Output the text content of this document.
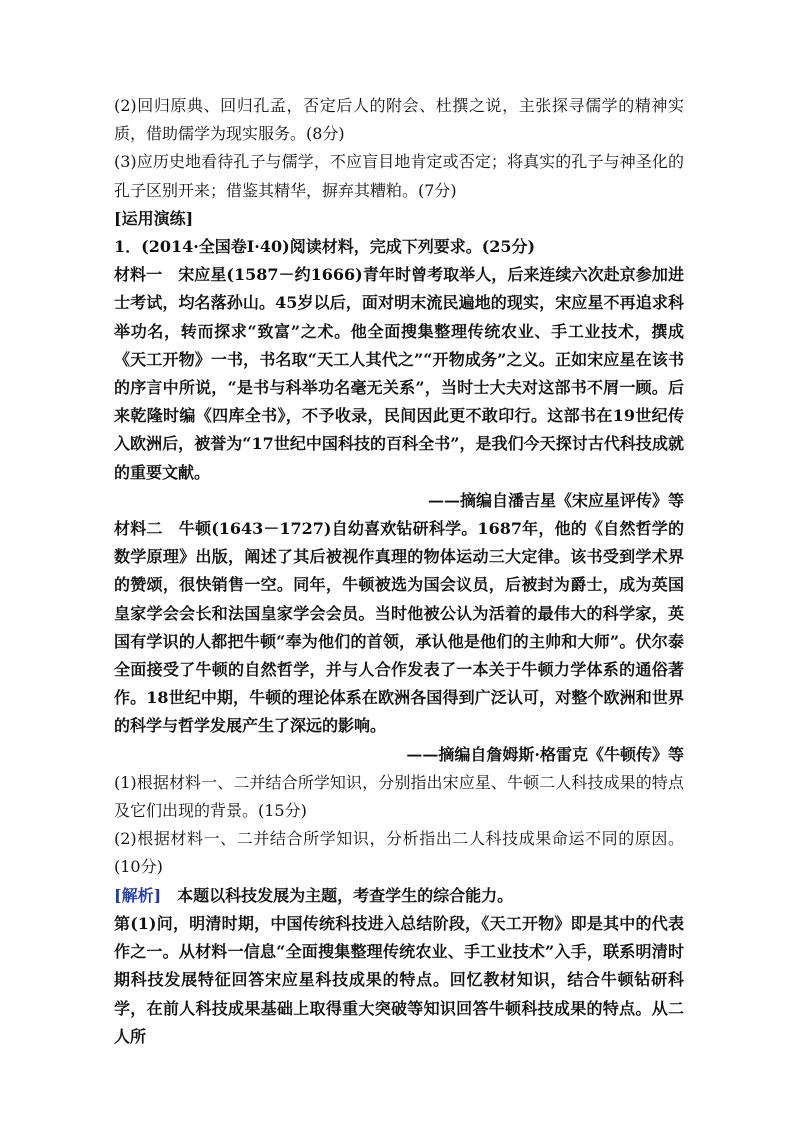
(2)回归原典、回归孔孟，否定后人的附会、杜撰之说，主张探寻儒学的精神实质，借助儒学为现实服务。(8分)

(3)应历史地看待孔子与儒学，不应盲目地肯定或否定；将真实的孔子与神圣化的孔子区别开来；借鉴其精华，摒弃其糟粕。(7分)

[运用演练]

1．(2014·全国卷Ⅰ·40)阅读材料，完成下列要求。(25分)

材料一　宋应星(1587－约1666)青年时曾考取举人，后来连续六次赴京参加进士考试，均名落孙山。45岁以后，面对明末流民遍地的现实，宋应星不再追求科举功名，转而探求“致富”之术。他全面搜集整理传统农业、手工业技术，撰成《天工开物》一书，书名取“天工人其代之”“开物成务”之义。正如宋应星在该书的序言中所说，“是书与科举功名毫无关系”，当时士大夫对这部书不屑一顾。后来乾隆时编《四库全书》，不予收录，民间因此更不敢印行。这部书在19世纪传入欧洲后，被誉为“17世纪中国科技的百科全书”，是我们今天探讨古代科技成就的重要文献。

——摘编自潘吉星《宋应星评传》等

材料二　牛顿(1643－1727)自幼喜欢钻研科学。1687年，他的《自然哲学的数学原理》出版，阐述了其后被视作真理的物体运动三大定律。该书受到学术界的赞颂，很快销售一空。同年，牛顿被选为国会议员，后被封为爵士，成为英国皇家学会会长和法国皇家学会会员。当时他被公认为活着的最伟大的科学家，英国有学识的人都把牛顿“奉为他们的首领，承认他是他们的主帅和大师”。伏尔泰全面接受了牛顿的自然哲学，并与人合作发表了一本关于牛顿力学体系的通俗著作。18世纪中期，牛顿的理论体系在欧洲各国得到广泛认可，对整个欧洲和世界的科学与哲学发展产生了深远的影响。

——摘编自詹姆斯·格雷克《牛顿传》等

(1)根据材料一、二并结合所学知识，分别指出宋应星、牛顿二人科技成果的特点及它们出现的背景。(15分)

(2)根据材料一、二并结合所学知识，分析指出二人科技成果命运不同的原因。(10分)

[解析]　本题以科技发展为主题，考查学生的综合能力。

第(1)问，明清时期，中国传统科技进入总结阶段，《天工开物》即是其中的代表作之一。从材料一信息“全面搜集整理传统农业、手工业技术”入手，联系明清时期科技发展特征回答宋应星科技成果的特点。回忆教材知识，结合牛顿钻研科学，在前人科技成果基础上取得重大突破等知识回答牛顿科技成果的特点。从二人所
